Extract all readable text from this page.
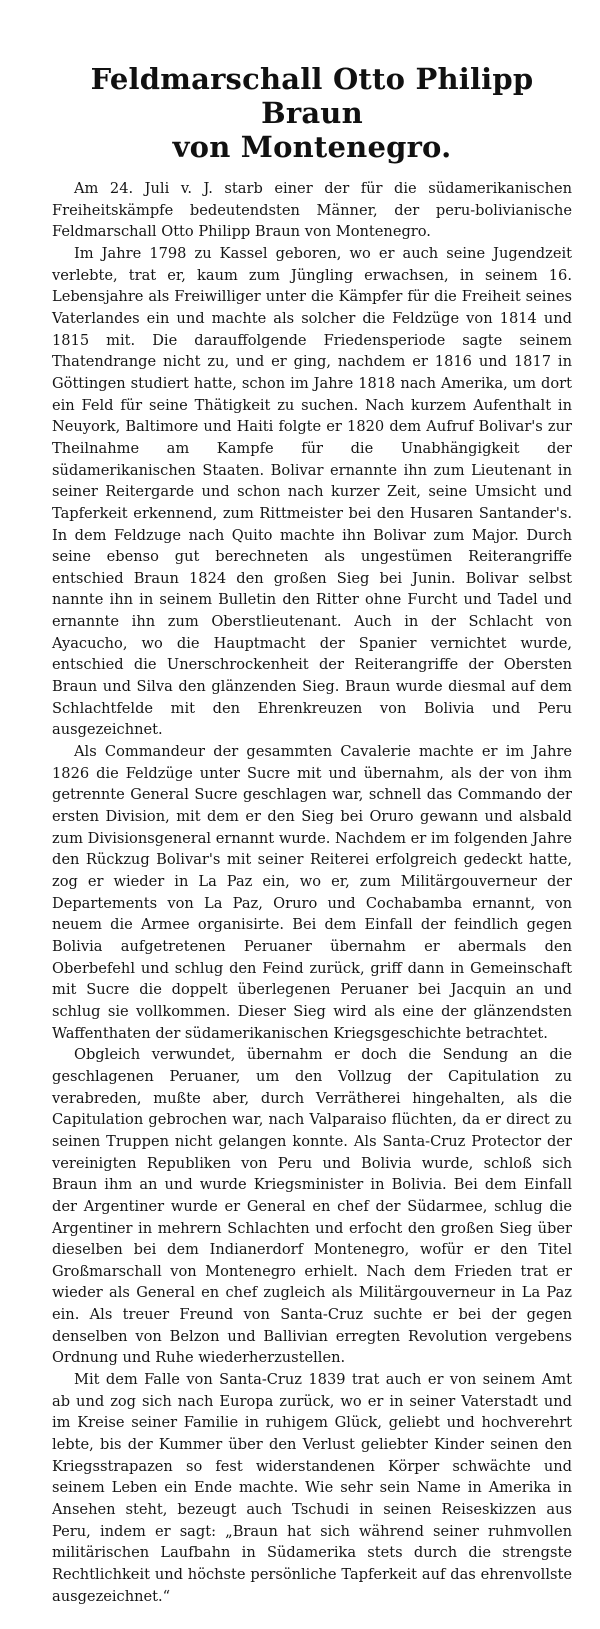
Feldmarschall Otto Philipp Braun
von Montenegro.

Am 24. Juli v. J. starb einer der für die südamerikanischen Freiheitskämpfe bedeutendsten Männer, der peru-bolivianische Feldmarschall Otto Philipp Braun von Montenegro.

Im Jahre 1798 zu Kassel geboren, wo er auch seine Jugendzeit verlebte, trat er, kaum zum Jüngling erwachsen, in seinem 16. Lebensjahre als Freiwilliger unter die Kämpfer für die Freiheit seines Vaterlandes ein und machte als solcher die Feldzüge von 1814 und 1815 mit. Die darauffolgende Friedensperiode sagte seinem Thatendrange nicht zu, und er ging, nachdem er 1816 und 1817 in Göttingen studiert hatte, schon im Jahre 1818 nach Amerika, um dort ein Feld für seine Thätigkeit zu suchen. Nach kurzem Aufenthalt in Neuyork, Baltimore und Haiti folgte er 1820 dem Aufruf Bolivar's zur Theilnahme am Kampfe für die Unabhängigkeit der südamerikanischen Staaten. Bolivar ernannte ihn zum Lieutenant in seiner Reitergarde und schon nach kurzer Zeit, seine Umsicht und Tapferkeit erkennend, zum Rittmeister bei den Husaren Santander's. In dem Feldzuge nach Quito machte ihn Bolivar zum Major. Durch seine ebenso gut berechneten als ungestümen Reiterangriffe entschied Braun 1824 den großen Sieg bei Junin. Bolivar selbst nannte ihn in seinem Bulletin den Ritter ohne Furcht und Tadel und ernannte ihn zum Oberstlieutenant. Auch in der Schlacht von Ayacucho, wo die Hauptmacht der Spanier vernichtet wurde, entschied die Unerschrockenheit der Reiterangriffe der Obersten Braun und Silva den glänzenden Sieg. Braun wurde diesmal auf dem Schlachtfelde mit den Ehrenkreuzen von Bolivia und Peru ausgezeichnet.

Als Commandeur der gesammten Cavalerie machte er im Jahre 1826 die Feldzüge unter Sucre mit und übernahm, als der von ihm getrennte General Sucre geschlagen war, schnell das Commando der ersten Division, mit dem er den Sieg bei Oruro gewann und alsbald zum Divisionsgeneral ernannt wurde. Nachdem er im folgenden Jahre den Rückzug Bolivar's mit seiner Reiterei erfolgreich gedeckt hatte, zog er wieder in La Paz ein, wo er, zum Militärgouverneur der Departements von La Paz, Oruro und Cochabamba ernannt, von neuem die Armee organisirte. Bei dem Einfall der feindlich gegen Bolivia aufgetretenen Peruaner übernahm er abermals den Oberbefehl und schlug den Feind zurück, griff dann in Gemeinschaft mit Sucre die doppelt überlegenen Peruaner bei Jacquin an und schlug sie vollkommen. Dieser Sieg wird als eine der glänzendsten Waffenthaten der südamerikanischen Kriegsgeschichte betrachtet.

Obgleich verwundet, übernahm er doch die Sendung an die geschlagenen Peruaner, um den Vollzug der Capitulation zu verabreden, mußte aber, durch Verrätherei hingehalten, als die Capitulation gebrochen war, nach Valparaiso flüchten, da er direct zu seinen Truppen nicht gelangen konnte. Als Santa-Cruz Protector der vereinigten Republiken von Peru und Bolivia wurde, schloß sich Braun ihm an und wurde Kriegsminister in Bolivia. Bei dem Einfall der Argentiner wurde er General en chef der Südarmee, schlug die Argentiner in mehrern Schlachten und erfocht den großen Sieg über dieselben bei dem Indianerdorf Montenegro, wofür er den Titel Großmarschall von Montenegro erhielt. Nach dem Frieden trat er wieder als General en chef zugleich als Militärgouverneur in La Paz ein. Als treuer Freund von Santa-Cruz suchte er bei der gegen denselben von Belzon und Ballivian erregten Revolution vergebens Ordnung und Ruhe wiederherzustellen.

Mit dem Falle von Santa-Cruz 1839 trat auch er von seinem Amt ab und zog sich nach Europa zurück, wo er in seiner Vaterstadt und im Kreise seiner Familie in ruhigem Glück, geliebt und hochverehrt lebte, bis der Kummer über den Verlust geliebter Kinder seinen den Kriegsstrapazen so fest widerstandenen Körper schwächte und seinem Leben ein Ende machte. Wie sehr sein Name in Amerika in Ansehen steht, bezeugt auch Tschudi in seinen Reiseskizzen aus Peru, indem er sagt: „Braun hat sich während seiner ruhmvollen militärischen Laufbahn in Südamerika stets durch die strengste Rechtlichkeit und höchste persönliche Tapferkeit auf das ehrenvollste ausgezeichnet.“
